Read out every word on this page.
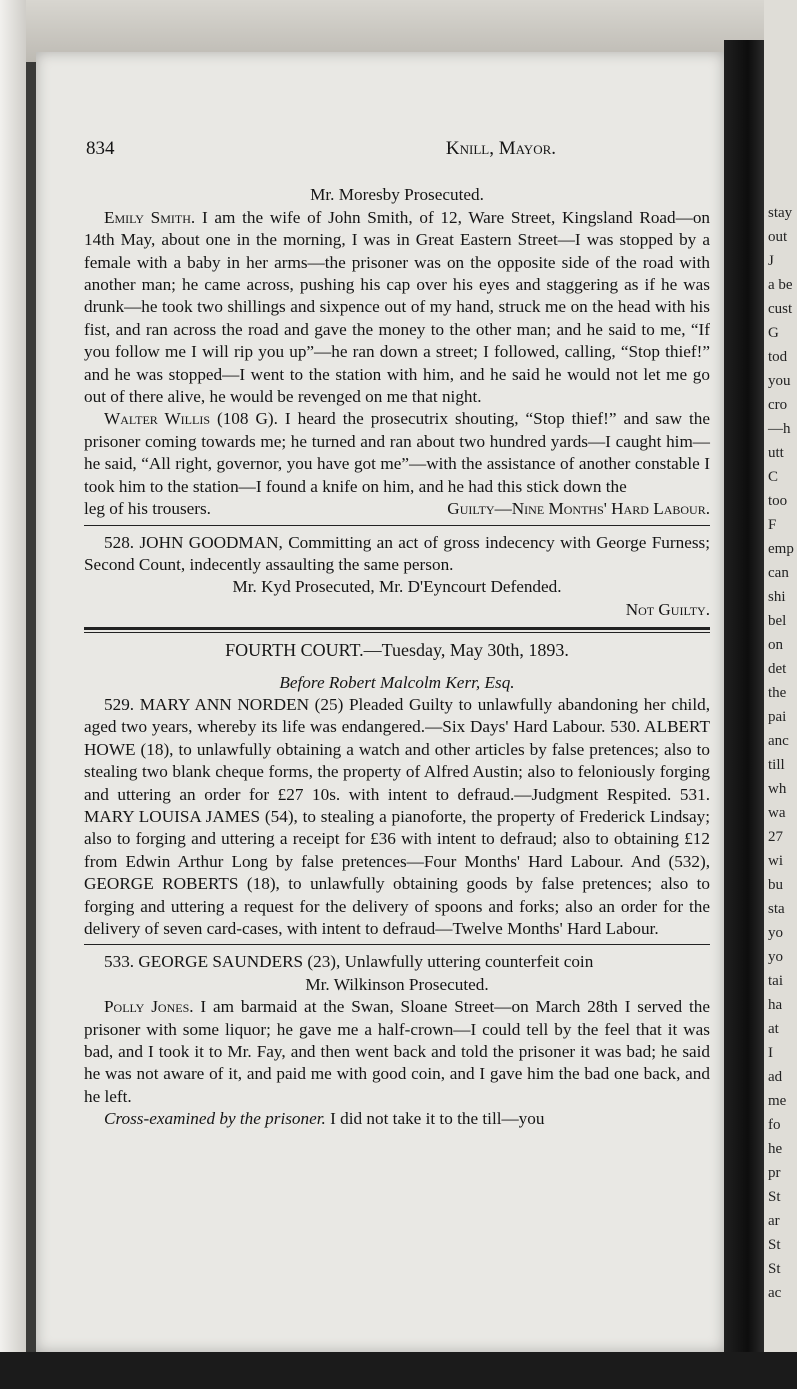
stay
out
J
a be
cust
G
tod
you
cro
—h
utt
C
too
F
emp
can
shi
bel
on
det
the
pai
anc
till
wh
wa
27
wi
bu
sta
yo
yo
tai
ha
at
I
ad
me
fo
he
pr
St
ar
St
St
ac
834	Knill, Mayor.
Mr. Moresby Prosecuted.

Emily Smith. I am the wife of John Smith, of 12, Ware Street, Kingsland Road—on 14th May, about one in the morning, I was in Great Eastern Street—I was stopped by a female with a baby in her arms—the prisoner was on the opposite side of the road with another man; he came across, pushing his cap over his eyes and staggering as if he was drunk—he took two shillings and sixpence out of my hand, struck me on the head with his fist, and ran across the road and gave the money to the other man; and he said to me, “If you follow me I will rip you up”—he ran down a street; I followed, calling, “Stop thief!” and he was stopped—I went to the station with him, and he said he would not let me go out of there alive, he would be revenged on me that night.

Walter Willis (108 G). I heard the prosecutrix shouting, “Stop thief!” and saw the prisoner coming towards me; he turned and ran about two hundred yards—I caught him—he said, “All right, governor, you have got me”—with the assistance of another constable I took him to the station—I found a knife on him, and he had this stick down the

leg of his trousers.	Guilty—Nine Months' Hard Labour.

528. JOHN GOODMAN, Committing an act of gross indecency with George Furness; Second Count, indecently assaulting the same person.

Mr. Kyd Prosecuted, Mr. D'Eyncourt Defended.
Not Guilty.
FOURTH COURT.—Tuesday, May 30th, 1893.
Before Robert Malcolm Kerr, Esq.

529. MARY ANN NORDEN (25) Pleaded Guilty to unlawfully abandoning her child, aged two years, whereby its life was endangered.—Six Days' Hard Labour. 530. ALBERT HOWE (18), to unlawfully obtaining a watch and other articles by false pretences; also to stealing two blank cheque forms, the property of Alfred Austin; also to feloniously forging and uttering an order for £27 10s. with intent to defraud.—Judgment Respited. 531. MARY LOUISA JAMES (54), to stealing a pianoforte, the property of Frederick Lindsay; also to forging and uttering a receipt for £36 with intent to defraud; also to obtaining £12 from Edwin Arthur Long by false pretences—Four Months' Hard Labour. And (532), GEORGE ROBERTS (18), to unlawfully obtaining goods by false pretences; also to forging and uttering a request for the delivery of spoons and forks; also an order for the delivery of seven card-cases, with intent to defraud—Twelve Months' Hard Labour.

533. GEORGE SAUNDERS (23), Unlawfully uttering counterfeit coin

Mr. Wilkinson Prosecuted.

Polly Jones. I am barmaid at the Swan, Sloane Street—on March 28th I served the prisoner with some liquor; he gave me a half-crown—I could tell by the feel that it was bad, and I took it to Mr. Fay, and then went back and told the prisoner it was bad; he said he was not aware of it, and paid me with good coin, and I gave him the bad one back, and he left.

Cross-examined by the prisoner. I did not take it to the till—you
